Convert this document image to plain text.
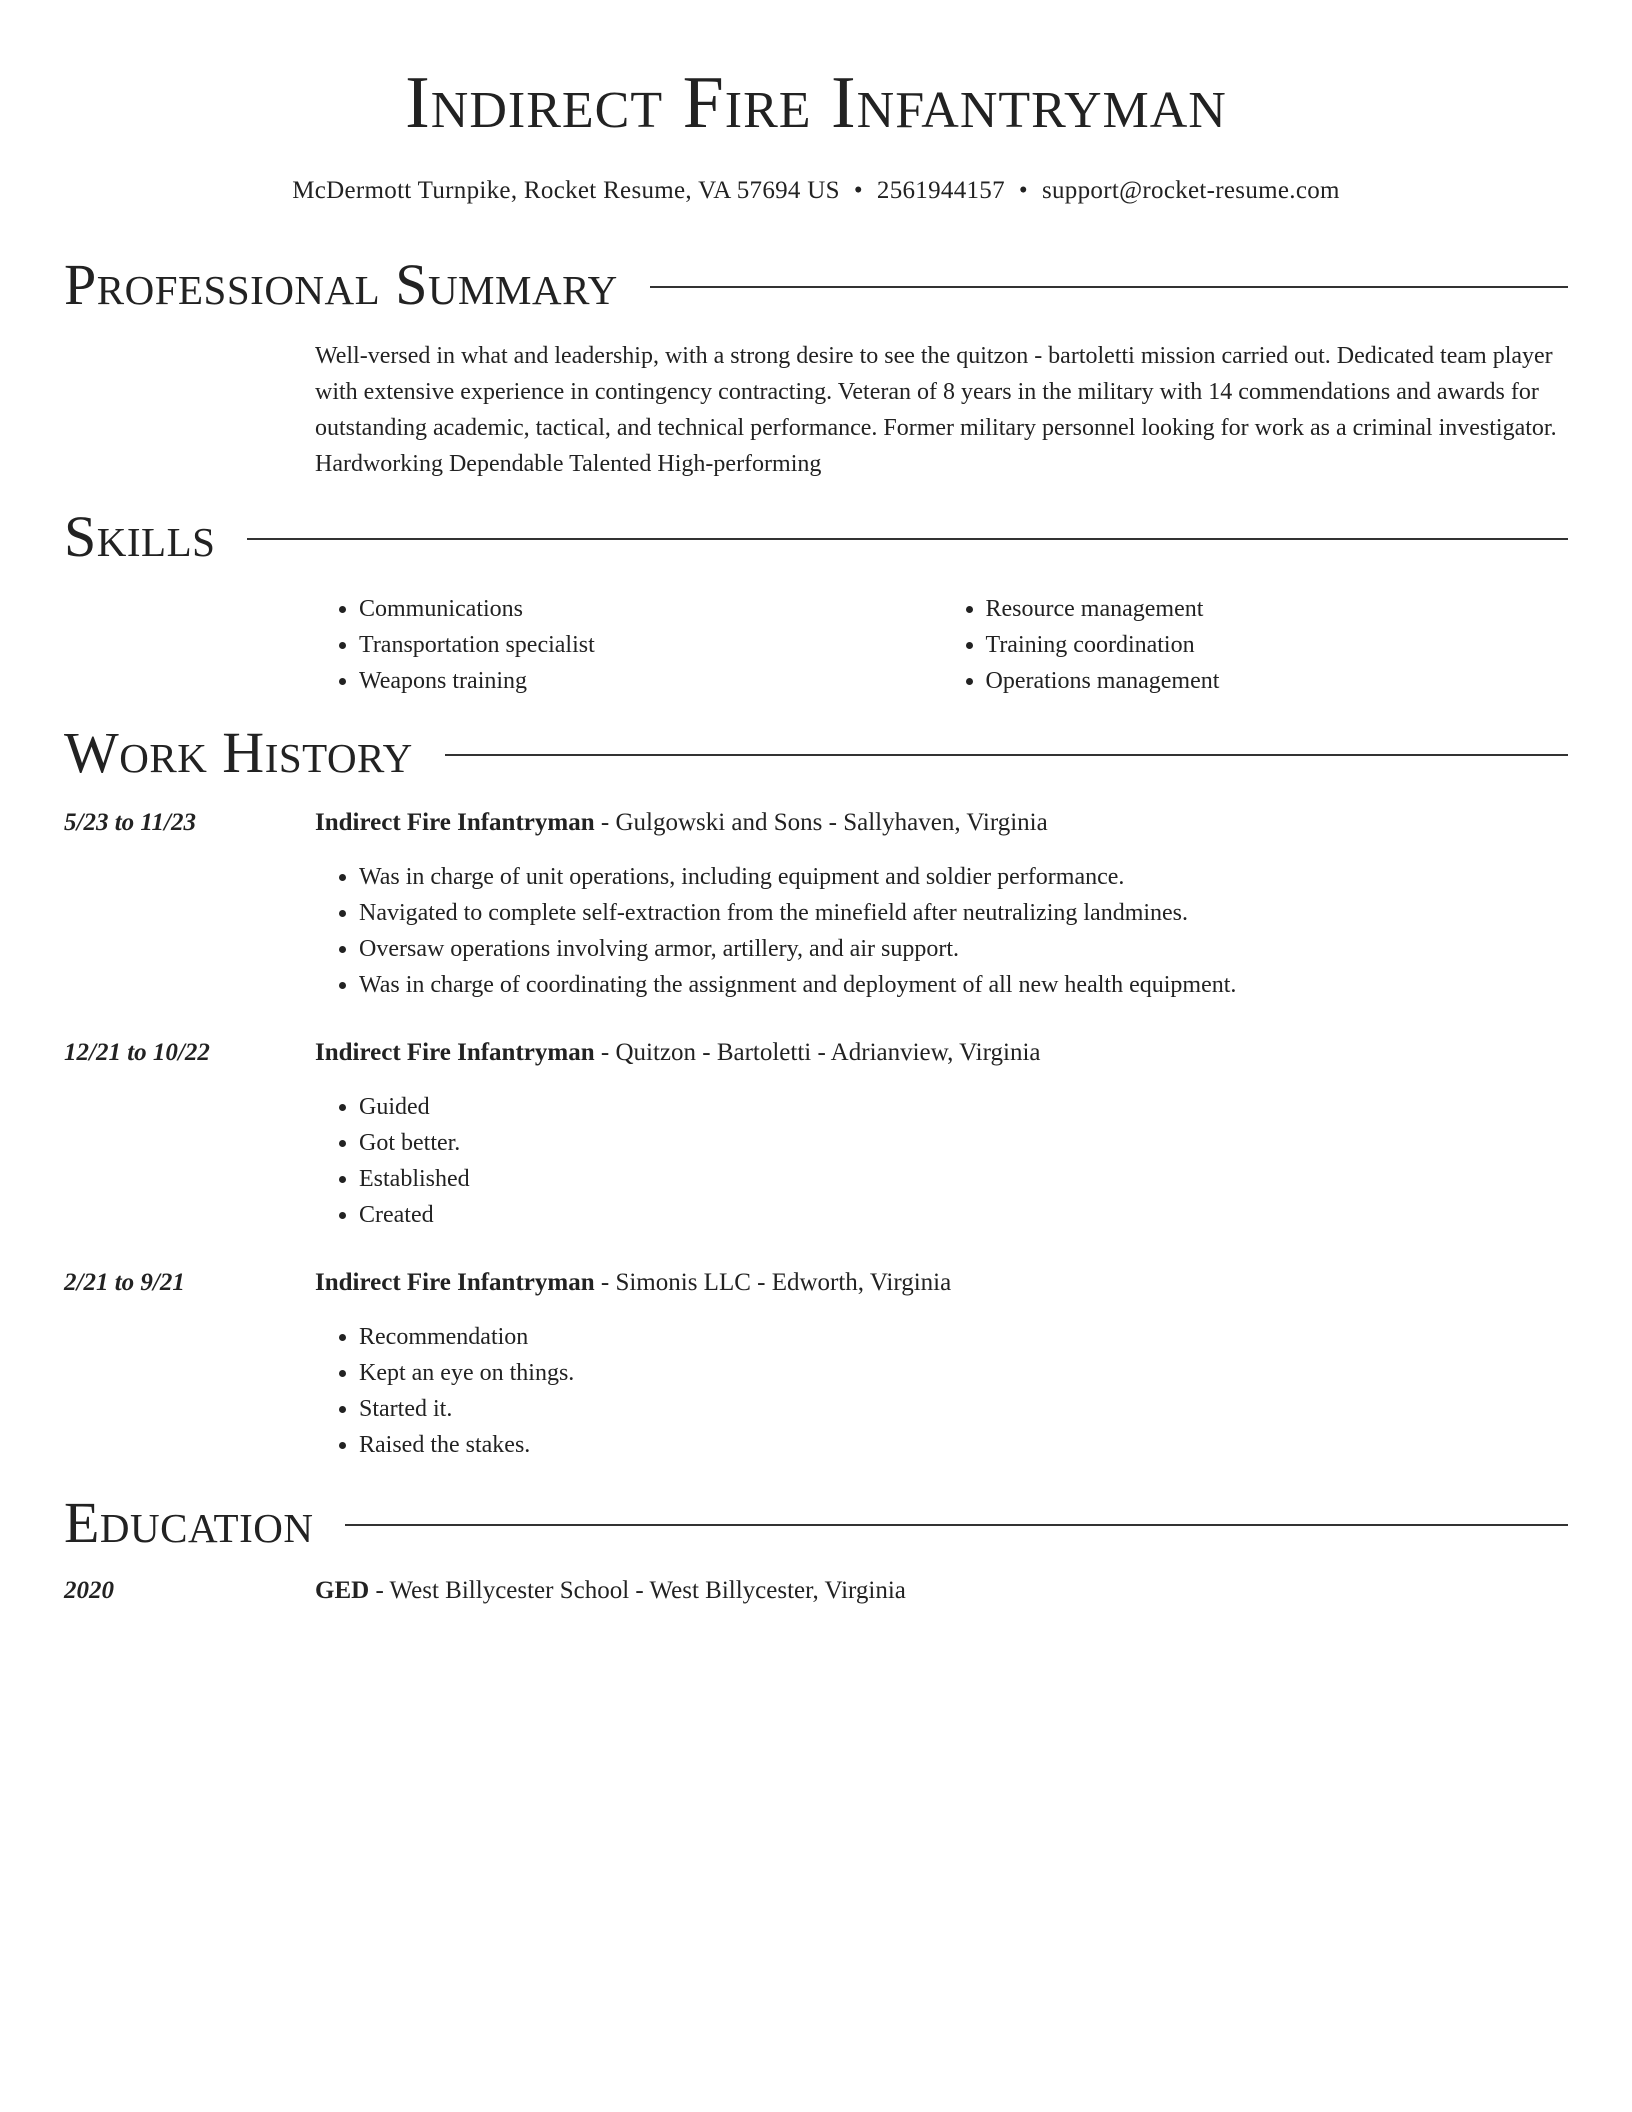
Indirect Fire Infantryman
McDermott Turnpike, Rocket Resume, VA 57694 US • 2561944157 • support@rocket-resume.com
Professional Summary
Well-versed in what and leadership, with a strong desire to see the quitzon - bartoletti mission carried out. Dedicated team player with extensive experience in contingency contracting. Veteran of 8 years in the military with 14 commendations and awards for outstanding academic, tactical, and technical performance. Former military personnel looking for work as a criminal investigator. Hardworking Dependable Talented High-performing
Skills
• Communications
• Transportation specialist
• Weapons training
• Resource management
• Training coordination
• Operations management
Work History
5/23 to 11/23	Indirect Fire Infantryman - Gulgowski and Sons - Sallyhaven, Virginia
• Was in charge of unit operations, including equipment and soldier performance.
• Navigated to complete self-extraction from the minefield after neutralizing landmines.
• Oversaw operations involving armor, artillery, and air support.
• Was in charge of coordinating the assignment and deployment of all new health equipment.
12/21 to 10/22	Indirect Fire Infantryman - Quitzon - Bartoletti - Adrianview, Virginia
• Guided
• Got better.
• Established
• Created
2/21 to 9/21	Indirect Fire Infantryman - Simonis LLC - Edworth, Virginia
• Recommendation
• Kept an eye on things.
• Started it.
• Raised the stakes.
Education
2020	GED - West Billycester School - West Billycester, Virginia
